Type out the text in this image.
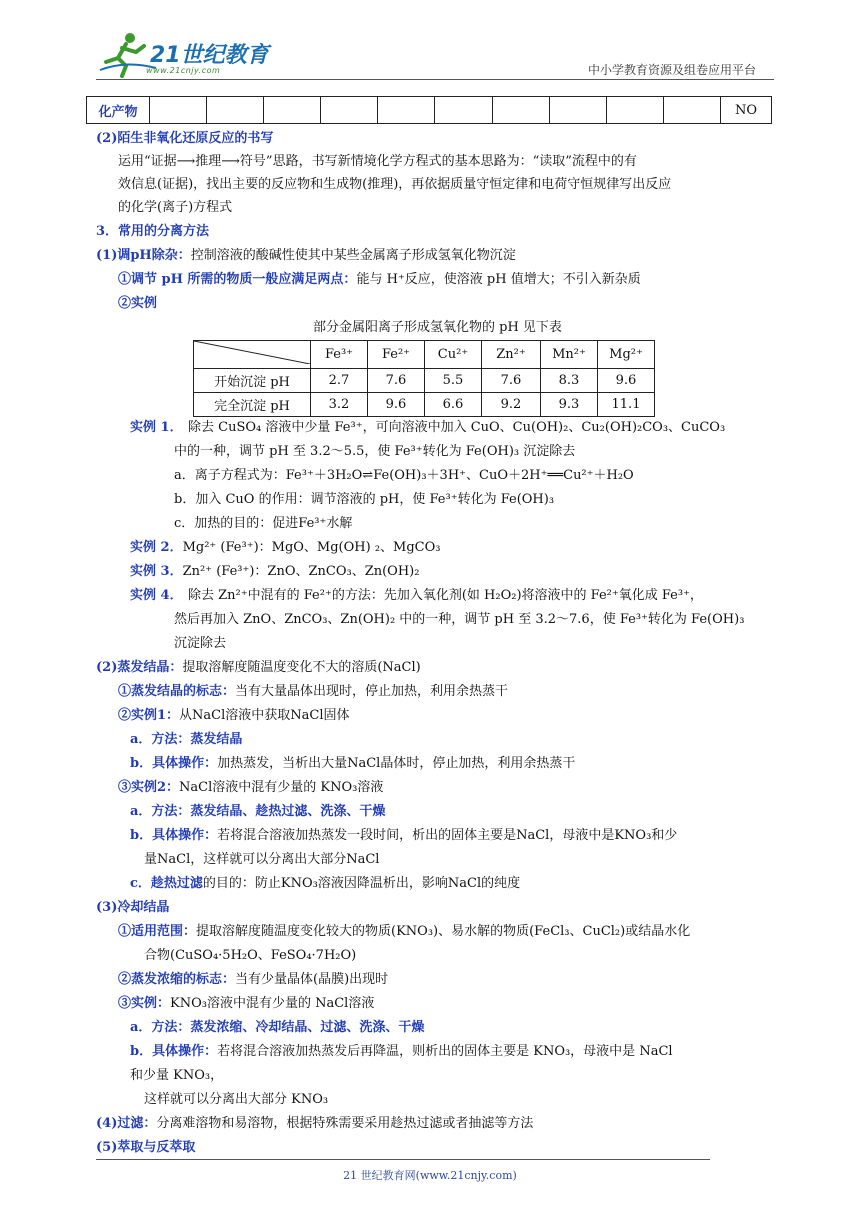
21世纪教育
www.21cnjy.com	中小学教育资源及组卷应用平台
化产物											NO
(2)陌生非氧化还原反应的书写
运用“证据⟶推理⟶符号”思路，书写新情境化学方程式的基本思路为：“读取”流程中的有
效信息(证据)，找出主要的反应物和生成物(推理)，再依据质量守恒定律和电荷守恒规律写出反应
的化学(离子)方程式
3．常用的分离方法
(1)调pH除杂：控制溶液的酸碱性使其中某些金属离子形成氢氧化物沉淀
①调节 pH 所需的物质一般应满足两点：能与 H⁺反应，使溶液 pH 值增大；不引入新杂质
②实例
部分金属阳离子形成氢氧化物的 pH 见下表
	Fe³⁺	Fe²⁺	Cu²⁺	Zn²⁺	Mn²⁺	Mg²⁺
开始沉淀 pH	2.7	7.6	5.5	7.6	8.3	9.6
完全沉淀 pH	3.2	9.6	6.6	9.2	9.3	11.1
实例 1． 除去 CuSO₄ 溶液中少量 Fe³⁺，可向溶液中加入 CuO、Cu(OH)₂、Cu₂(OH)₂CO₃、CuCO₃
中的一种，调节 pH 至 3.2～5.5，使 Fe³⁺转化为 Fe(OH)₃ 沉淀除去
a．离子方程式为：Fe³⁺＋3H₂O⇌Fe(OH)₃＋3H⁺、CuO＋2H⁺══Cu²⁺＋H₂O
b．加入 CuO 的作用：调节溶液的 pH，使 Fe³⁺转化为 Fe(OH)₃
c．加热的目的：促进Fe³⁺水解
实例 2．Mg²⁺ (Fe³⁺)：MgO、Mg(OH) ₂、MgCO₃
实例 3．Zn²⁺ (Fe³⁺)：ZnO、ZnCO₃、Zn(OH)₂
实例 4． 除去 Zn²⁺中混有的 Fe²⁺的方法：先加入氧化剂(如 H₂O₂)将溶液中的 Fe²⁺氧化成 Fe³⁺，
然后再加入 ZnO、ZnCO₃、Zn(OH)₂ 中的一种，调节 pH 至 3.2～7.6，使 Fe³⁺转化为 Fe(OH)₃
沉淀除去
(2)蒸发结晶：提取溶解度随温度变化不大的溶质(NaCl)
①蒸发结晶的标志：当有大量晶体出现时，停止加热，利用余热蒸干
②实例1：从NaCl溶液中获取NaCl固体
a．方法：蒸发结晶
b．具体操作：加热蒸发，当析出大量NaCl晶体时，停止加热，利用余热蒸干
③实例2：NaCl溶液中混有少量的 KNO₃溶液
a．方法：蒸发结晶、趁热过滤、洗涤、干燥
b．具体操作：若将混合溶液加热蒸发一段时间，析出的固体主要是NaCl，母液中是KNO₃和少
量NaCl，这样就可以分离出大部分NaCl
c．趁热过滤的目的：防止KNO₃溶液因降温析出，影响NaCl的纯度
(3)冷却结晶
①适用范围：提取溶解度随温度变化较大的物质(KNO₃)、易水解的物质(FeCl₃、CuCl₂)或结晶水化
合物(CuSO₄·5H₂O、FeSO₄·7H₂O)
②蒸发浓缩的标志：当有少量晶体(晶膜)出现时
③实例：KNO₃溶液中混有少量的 NaCl溶液
a．方法：蒸发浓缩、冷却结晶、过滤、洗涤、干燥
b．具体操作：若将混合溶液加热蒸发后再降温，则析出的固体主要是 KNO₃，母液中是 NaCl
和少量 KNO₃，
这样就可以分离出大部分 KNO₃
(4)过滤：分离难溶物和易溶物，根据特殊需要采用趁热过滤或者抽滤等方法
(5)萃取与反萃取
21 世纪教育网(www.21cnjy.com)
